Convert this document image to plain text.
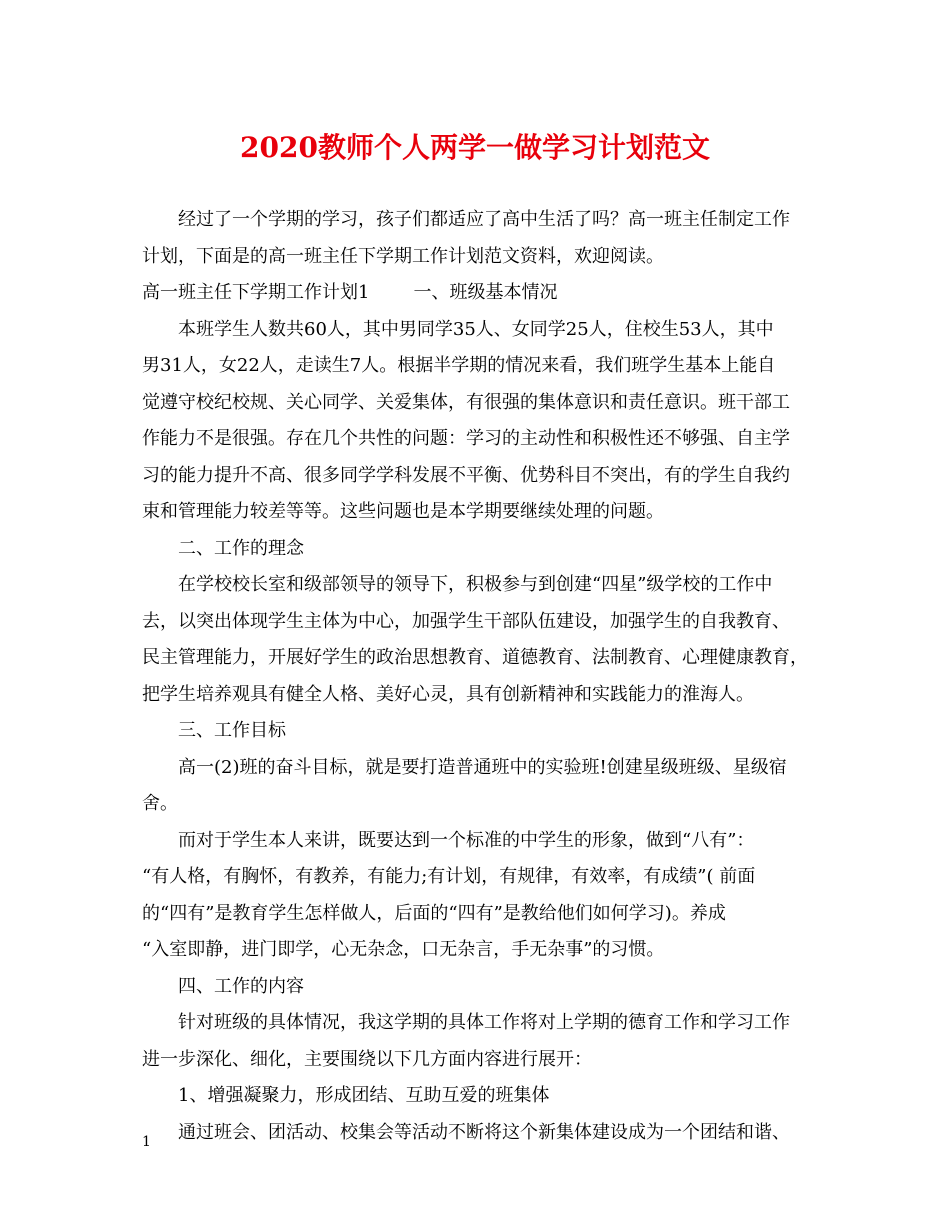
2020教师个人两学一做学习计划范文
经过了一个学期的学习，孩子们都适应了高中生活了吗？高一班主任制定工作
计划，下面是的高一班主任下学期工作计划范文资料，欢迎阅读。
高一班主任下学期工作计划1 一、班级基本情况
本班学生人数共60人，其中男同学35人、女同学25人，住校生53人，其中
男31人，女22人，走读生7人。根据半学期的情况来看，我们班学生基本上能自
觉遵守校纪校规、关心同学、关爱集体，有很强的集体意识和责任意识。班干部工
作能力不是很强。存在几个共性的问题：学习的主动性和积极性还不够强、自主学
习的能力提升不高、很多同学学科发展不平衡、优势科目不突出，有的学生自我约
束和管理能力较差等等。这些问题也是本学期要继续处理的问题。
二、工作的理念
在学校校长室和级部领导的领导下，积极参与到创建“四星”级学校的工作中
去，以突出体现学生主体为中心，加强学生干部队伍建设，加强学生的自我教育、
民主管理能力，开展好学生的政治思想教育、道德教育、法制教育、心理健康教育，
把学生培养观具有健全人格、美好心灵，具有创新精神和实践能力的淮海人。
三、工作目标
高一(2)班的奋斗目标，就是要打造普通班中的实验班!创建星级班级、星级宿
舍。
而对于学生本人来讲，既要达到一个标准的中学生的形象，做到“八有”：
“有人格，有胸怀，有教养，有能力;有计划，有规律，有效率，有成绩”( 前面
的“四有”是教育学生怎样做人，后面的“四有”是教给他们如何学习)。养成
“入室即静，进门即学，心无杂念，口无杂言，手无杂事”的习惯。
四、工作的内容
针对班级的具体情况，我这学期的具体工作将对上学期的德育工作和学习工作
进一步深化、细化，主要围绕以下几方面内容进行展开：
1、增强凝聚力，形成团结、互助互爱的班集体
通过班会、团活动、校集会等活动不断将这个新集体建设成为一个团结和谐、
1
